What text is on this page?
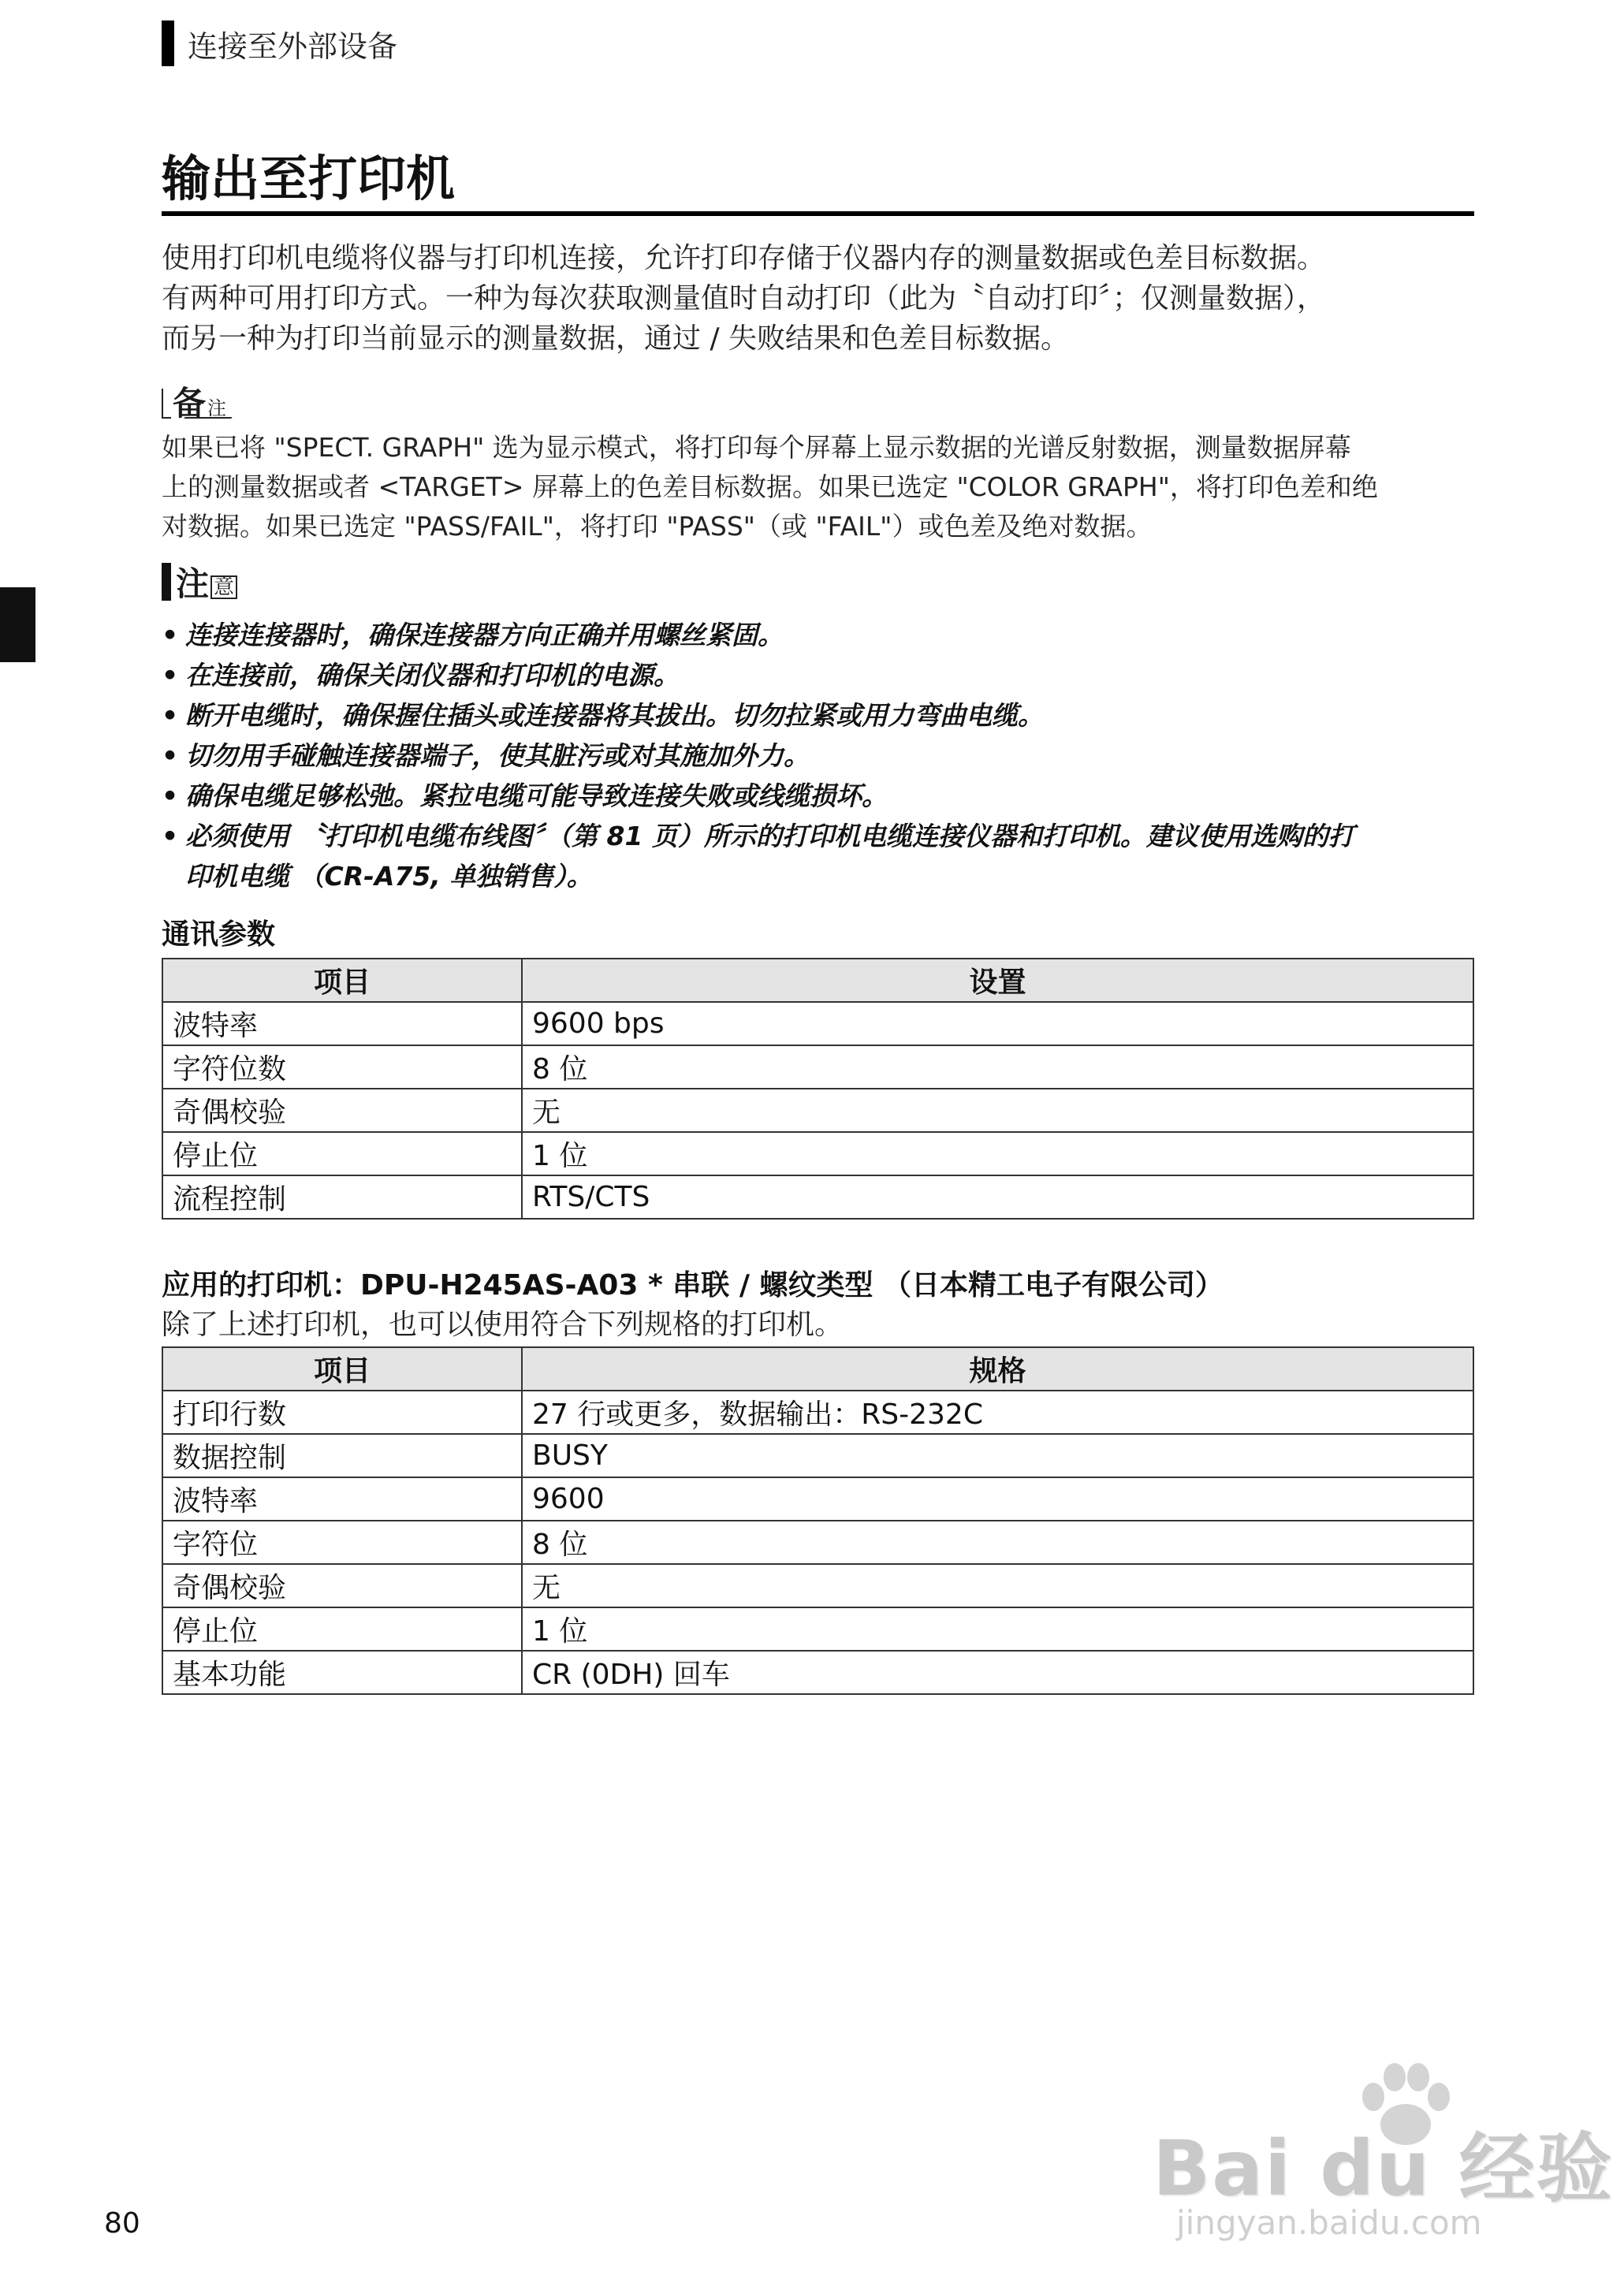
连接至外部设备
输出至打印机
使用打印机电缆将仪器与打印机连接，允许打印存储于仪器内存的测量数据或色差目标数据。
有两种可用打印方式。一种为每次获取测量值时自动打印（此为〝自动打印〞；仅测量数据），
而另一种为打印当前显示的测量数据，通过 / 失败结果和色差目标数据。
备 注
如果已将 "SPECT. GRAPH" 选为显示模式，将打印每个屏幕上显示数据的光谱反射数据，测量数据屏幕
上的测量数据或者 <TARGET> 屏幕上的色差目标数据。如果已选定 "COLOR GRAPH"，将打印色差和绝
对数据。如果已选定 "PASS/FAIL"，将打印 "PASS"（或 "FAIL"）或色差及绝对数据。
注 意
• 连接连接器时，确保连接器方向正确并用螺丝紧固。
• 在连接前，确保关闭仪器和打印机的电源。
• 断开电缆时，确保握住插头或连接器将其拔出。切勿拉紧或用力弯曲电缆。
• 切勿用手碰触连接器端子，使其脏污或对其施加外力。
• 确保电缆足够松弛。紧拉电缆可能导致连接失败或线缆损坏。
• 必须使用 〝打印机电缆布线图〞（第 81 页）所示的打印机电缆连接仪器和打印机。建议使用选购的打
印机电缆 （CR-A75, 单独销售）。
通讯参数
项目	设置
波特率	9600 bps
字符位数	8 位
奇偶校验	无
停止位	1 位
流程控制	RTS/CTS
应用的打印机：DPU-H245AS-A03 * 串联 / 螺纹类型 （日本精工电子有限公司）
除了上述打印机，也可以使用符合下列规格的打印机。
项目	规格
打印行数	27 行或更多，数据输出：RS-232C
数据控制	BUSY
波特率	9600
字符位	8 位
奇偶校验	无
停止位	1 位
基本功能	CR (0DH) 回车
80
Bai du 经验
jingyan.baidu.com
